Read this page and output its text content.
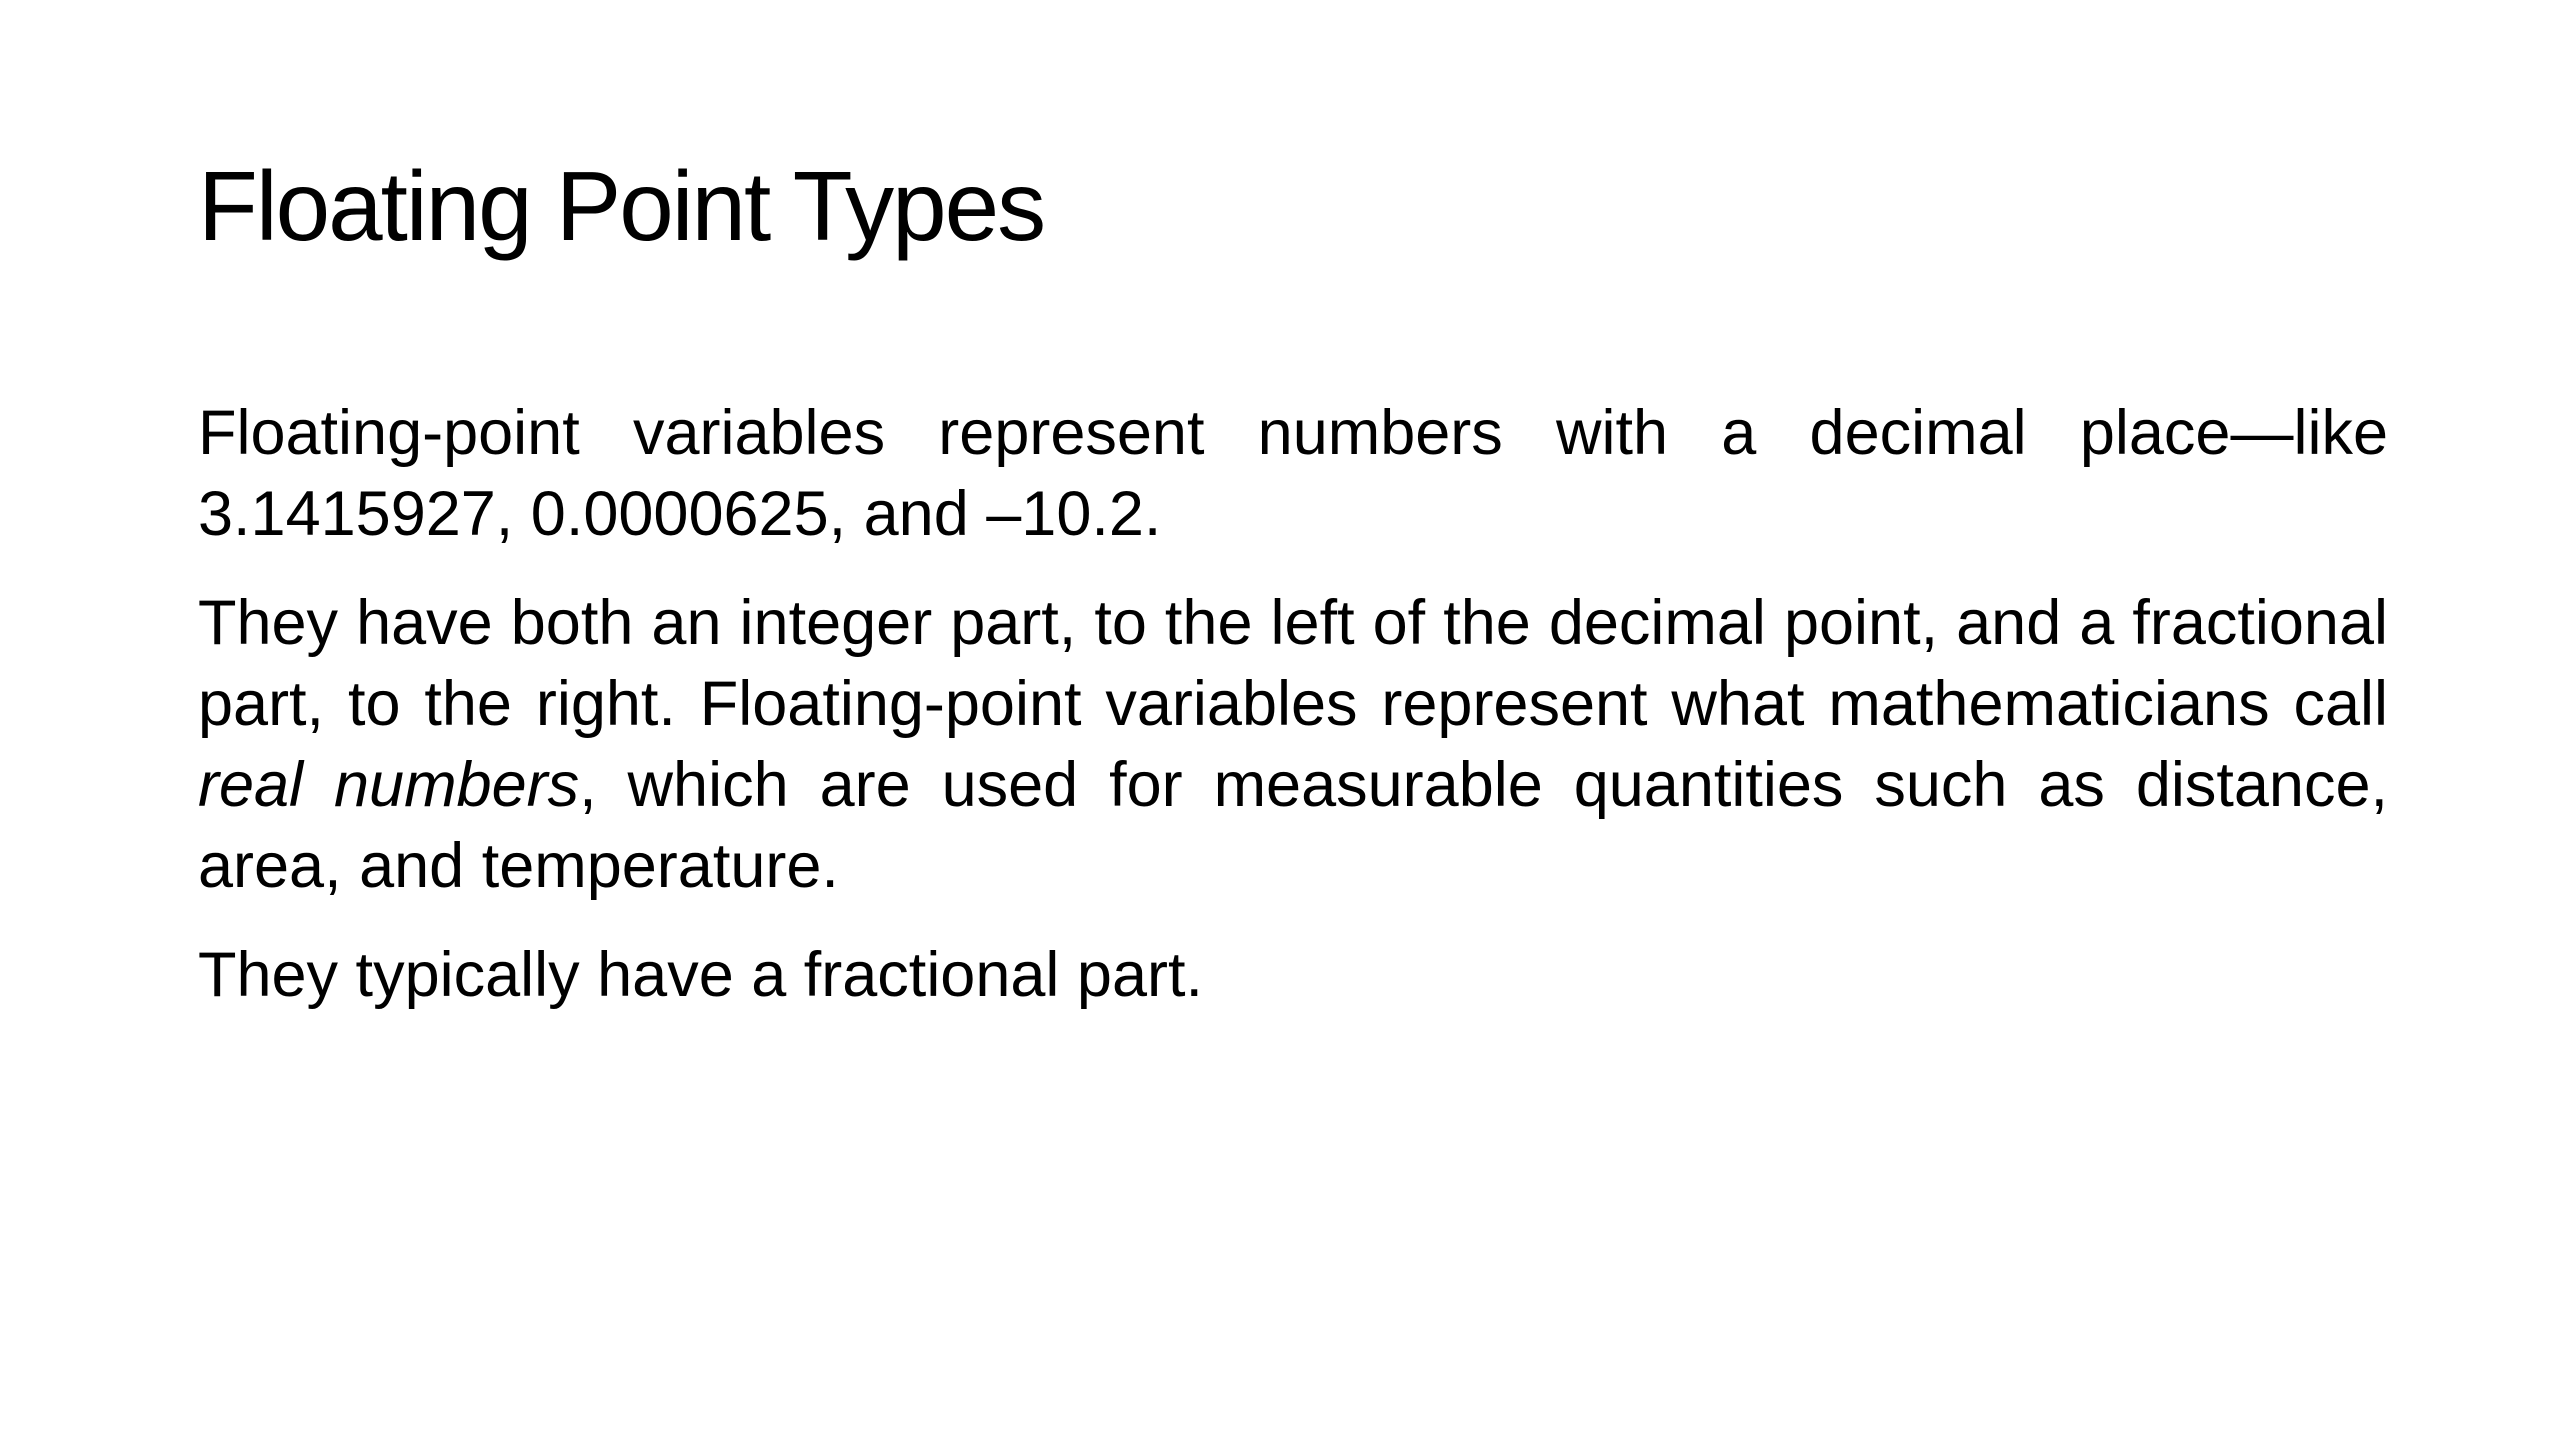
Floating Point Types

Floating-point variables represent numbers with a decimal place—like 3.1415927, 0.0000625, and –10.2.

They have both an integer part, to the left of the decimal point, and a fractional part, to the right. Floating-point variables represent what mathematicians call real numbers, which are used for measurable quantities such as distance, area, and temperature.

They typically have a fractional part.
